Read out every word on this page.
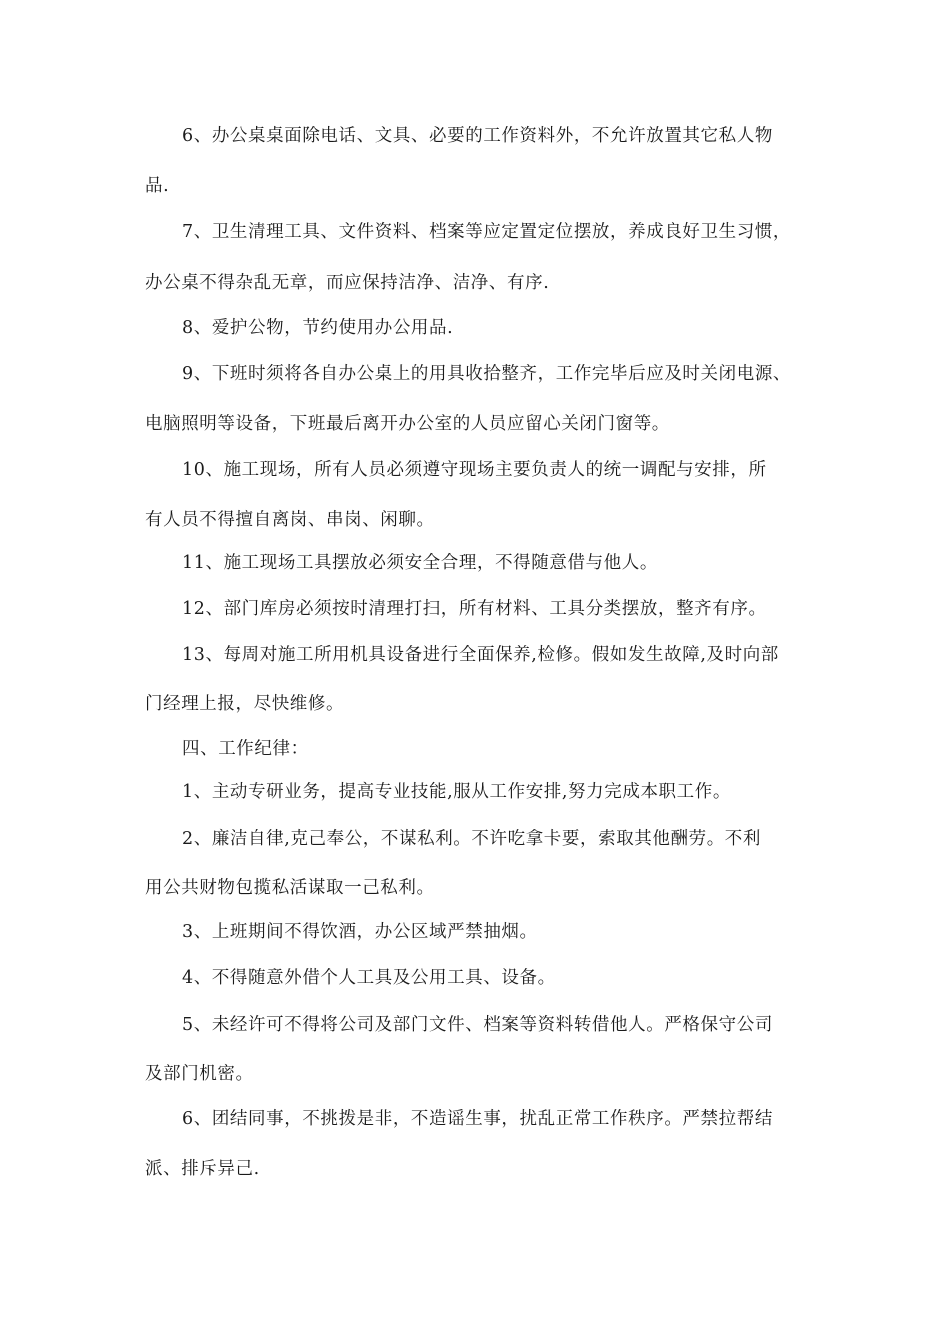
6、办公桌桌面除电话、文具、必要的工作资料外，不允许放置其它私人物
品.
7、卫生清理工具、文件资料、档案等应定置定位摆放，养成良好卫生习惯，
办公桌不得杂乱无章，而应保持洁净、洁净、有序.
8、爱护公物，节约使用办公用品.
9、下班时须将各自办公桌上的用具收拾整齐，工作完毕后应及时关闭电源、
电脑照明等设备，下班最后离开办公室的人员应留心关闭门窗等。
10、施工现场，所有人员必须遵守现场主要负责人的统一调配与安排，所
有人员不得擅自离岗、串岗、闲聊。
11、施工现场工具摆放必须安全合理，不得随意借与他人。
12、部门库房必须按时清理打扫，所有材料、工具分类摆放，整齐有序。
13、每周对施工所用机具设备进行全面保养,检修。假如发生故障,及时向部
门经理上报，尽快维修。
四、工作纪律：
1、主动专研业务，提高专业技能,服从工作安排,努力完成本职工作。
2、廉洁自律,克己奉公，不谋私利。不许吃拿卡要，索取其他酬劳。不利
用公共财物包揽私活谋取一己私利。
3、上班期间不得饮酒，办公区域严禁抽烟。
4、不得随意外借个人工具及公用工具、设备。
5、未经许可不得将公司及部门文件、档案等资料转借他人。严格保守公司
及部门机密。
6、团结同事，不挑拨是非，不造谣生事，扰乱正常工作秩序。严禁拉帮结
派、排斥异己.
